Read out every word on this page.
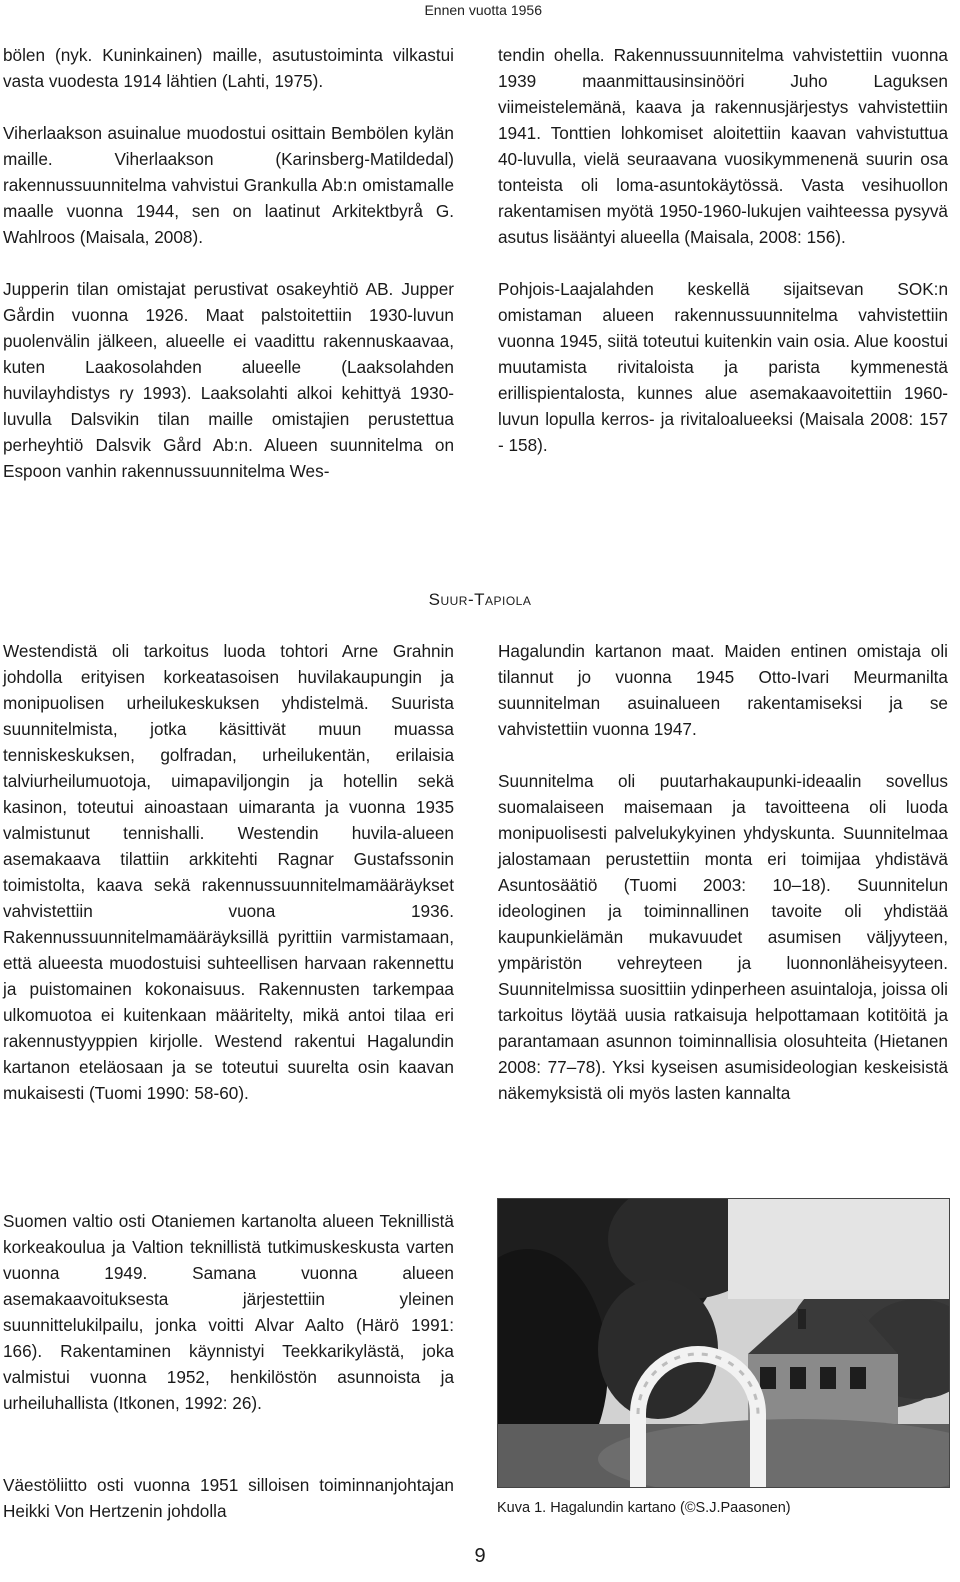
Ennen vuotta 1956

bölen (nyk. Kuninkainen) maille, asutustoiminta vilkastui vasta vuodesta 1914 lähtien (Lahti, 1975).

Viherlaakson asuinalue muodostui osittain Bembölen kylän maille. Viherlaakson (Karinsberg-Matildedal) rakennussuunnitelma vahvistui Grankulla Ab:n omistamalle maalle vuonna 1944, sen on laatinut Arkitektbyrå G. Wahlroos (Maisala, 2008).

Jupperin tilan omistajat perustivat osakeyhtiö AB. Jupper Gårdin vuonna 1926. Maat palstoitettiin 1930-luvun puolenvälin jälkeen, alueelle ei vaadittu rakennuskaavaa, kuten Laakosolahden alueelle (Laaksolahden huvilayhdistys ry 1993). Laaksolahti alkoi kehittyä 1930-luvulla Dalsvikin tilan maille omistajien perustettua perheyhtiö Dalsvik Gård Ab:n. Alueen suunnitelma on Espoon vanhin rakennussuunnitelma Wes-

tendin ohella. Rakennussuunnitelma vahvistettiin vuonna 1939 maanmittausinsinööri Juho Laguksen viimeistelemänä, kaava ja rakennusjärjestys vahvistettiin 1941. Tonttien lohkomiset aloitettiin kaavan vahvistuttua 40-luvulla, vielä seuraavana vuosikymmenenä suurin osa tonteista oli loma-asuntokäytössä. Vasta vesihuollon rakentamisen myötä 1950-1960-lukujen vaihteessa pysyvä asutus lisääntyi alueella (Maisala, 2008: 156).

Pohjois-Laajalahden keskellä sijaitsevan SOK:n omistaman alueen rakennussuunnitelma vahvistettiin vuonna 1945, siitä toteutui kuitenkin vain osia. Alue koostui muutamista rivitaloista ja parista kymmenestä erillispientalosta, kunnes alue asemakaavoitettiin 1960-luvun lopulla kerros- ja rivitaloalueeksi (Maisala 2008: 157 - 158).

Suur-Tapiola

Westendistä oli tarkoitus luoda tohtori Arne Grahnin johdolla erityisen korkeatasoisen huvilakaupungin ja monipuolisen urheilukeskuksen yhdistelmä. Suurista suunnitelmista, jotka käsittivät muun muassa tenniskeskuksen, golfradan, urheilukentän, erilaisia talviurheilumuotoja, uimapaviljongin ja hotellin sekä kasinon, toteutui ainoastaan uimaranta ja vuonna 1935 valmistunut tennishalli. Westendin huvila-alueen asemakaava tilattiin arkkitehti Ragnar Gustafssonin toimistolta, kaava sekä rakennussuunnitelmamääräykset vahvistettiin vuona 1936. Rakennussuunnitelmamääräyksillä pyrittiin varmistamaan, että alueesta muodostuisi suhteellisen harvaan rakennettu ja puistomainen kokonaisuus. Rakennusten tarkempaa ulkomuotoa ei kuitenkaan määritelty, mikä antoi tilaa eri rakennustyyppien kirjolle. Westend rakentui Hagalundin kartanon eteläosaan ja se toteutui suurelta osin kaavan mukaisesti (Tuomi 1990: 58-60).

Suomen valtio osti Otaniemen kartanolta alueen Teknillistä korkeakoulua ja Valtion teknillistä tutkimuskeskusta varten vuonna 1949. Samana vuonna alueen asemakaavoituksesta järjestettiin yleinen suunnittelukilpailu, jonka voitti Alvar Aalto (Härö 1991: 166). Rakentaminen käynnistyi Teekkarikylästä, joka valmistui vuonna 1952, henkilöstön asunnoista ja urheiluhallista (Itkonen, 1992: 26).

Väestöliitto osti vuonna 1951 silloisen toiminnanjohtajan Heikki Von Hertzenin johdolla

Hagalundin kartanon maat. Maiden entinen omistaja oli tilannut jo vuonna 1945 Otto-Ivari Meurmanilta suunnitelman asuinalueen rakentamiseksi ja se vahvistettiin vuonna 1947.

Suunnitelma oli puutarhakaupunki-ideaalin sovellus suomalaiseen maisemaan ja tavoitteena oli luoda monipuolisesti palvelukykyinen yhdyskunta. Suunnitelmaa jalostamaan perustettiin monta eri toimijaa yhdistävä Asuntosäätiö (Tuomi 2003: 10–18). Suunnitelun ideologinen ja toiminnallinen tavoite oli yhdistää kaupunkielämän mukavuudet asumisen väljyyteen, ympäristön vehreyteen ja luonnonläheisyyteen. Suunnitelmissa suosittiin ydinperheen asuintaloja, joissa oli tarkoitus löytää uusia ratkaisuja helpottamaan kotitöitä ja parantamaan asunnon toiminnallisia olosuhteita (Hietanen 2008: 77–78). Yksi kyseisen asumisideologian keskeisistä näkemyksistä oli myös lasten kannalta

Kuva 1. Hagalundin kartano (©S.J.Paasonen)
9
